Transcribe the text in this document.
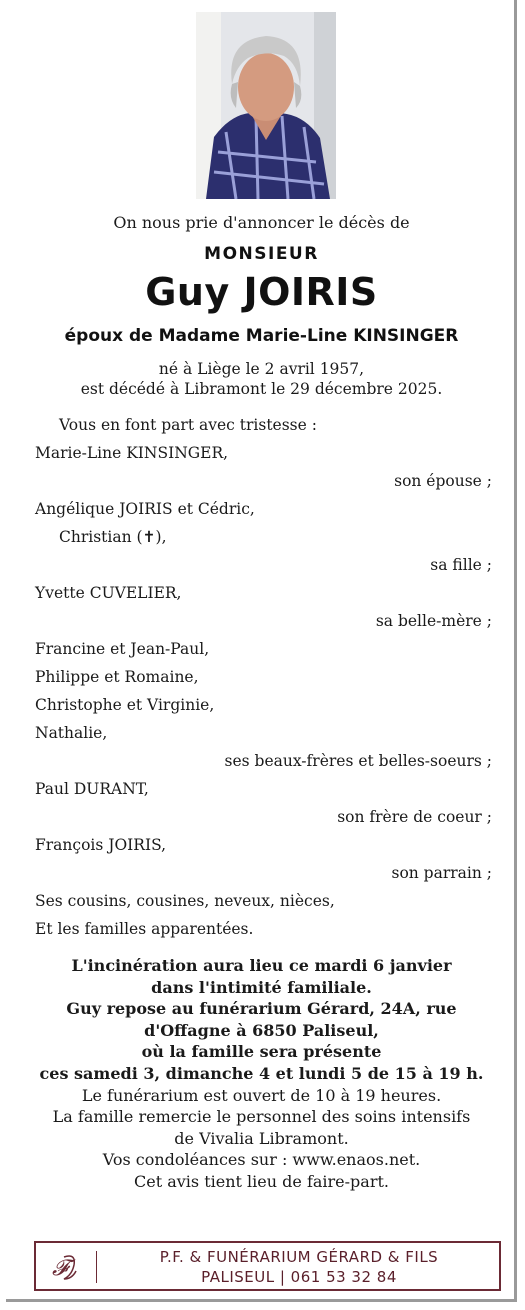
On nous prie d'annoncer le décès de
MONSIEUR
Guy JOIRIS
époux de Madame Marie-Line KINSINGER
né à Liège le 2 avril 1957,
est décédé à Libramont le 29 décembre 2025.
Vous en font part avec tristesse :
Marie-Line KINSINGER,
son épouse ;
Angélique JOIRIS et Cédric,
Christian (✝),
sa fille ;
Yvette CUVELIER,
sa belle-mère ;
Francine et Jean-Paul,
Philippe et Romaine,
Christophe et Virginie,
Nathalie,
ses beaux-frères et belles-soeurs ;
Paul DURANT,
son frère de coeur ;
François JOIRIS,
son parrain ;
Ses cousins, cousines, neveux, nièces,
Et les familles apparentées.
L'incinération aura lieu ce mardi 6 janvier
dans l'intimité familiale.
Guy repose au funérarium Gérard, 24A, rue
d'Offagne à 6850 Paliseul,
où la famille sera présente
ces samedi 3, dimanche 4 et lundi 5 de 15 à 19 h.
Le funérarium est ouvert de 10 à 19 heures.
La famille remercie le personnel des soins intensifs
de Vivalia Libramont.
Vos condoléances sur : www.enaos.net.
Cet avis tient lieu de faire-part.
𝓕	P.F. & FUNÉRARIUM GÉRARD & FILS
PALISEUL | 061 53 32 84
